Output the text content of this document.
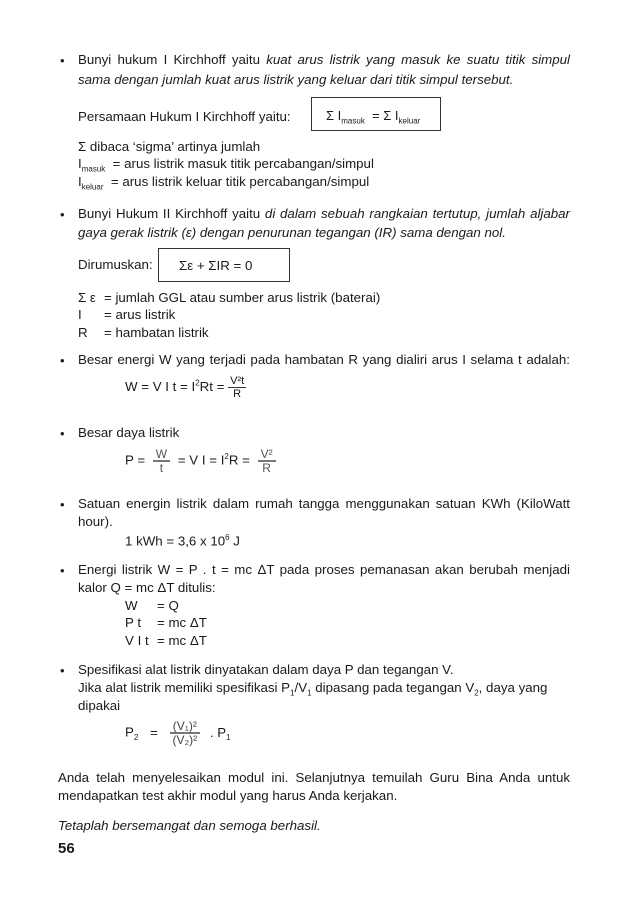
• Bunyi hukum I Kirchhoff yaitu kuat arus listrik yang masuk ke suatu titik simpul
sama dengan jumlah kuat arus listrik yang keluar dari titik simpul tersebut.
Persamaan Hukum I Kirchhoff yaitu:	Σ $I_{masuk} = \Sigma$ $I_{keluar}$
Σ dibaca ‘sigma’ artinya jumlah
$I_{masuk}$ = arus listrik masuk titik percabangan/simpul
$I_{keluar}$ = arus listrik keluar titik percabangan/simpul
• Bunyi Hukum II Kirchhoff yaitu di dalam sebuah rangkaian tertutup, jumlah aljabar
gaya gerak listrik (ε) dengan penurunan tegangan (IR) sama dengan nol.
Dirumuskan: Σε + ΣIR = 0
Σ ε = jumlah GGL atau sumber arus listrik (baterai)
I = arus listrik
R = hambatan listrik
• Besar energi W yang terjadi pada hambatan R yang dialiri arus I selama t adalah:
W = V I $t = I^2Rt = \frac{\text{V²t}}{R}$
• Besar daya listrik
$P = \frac{W}{t} = V$ $I = I^2R = \frac{\text{V²}}{R}$
• Satuan energin listrik dalam rumah tangga menggunakan satuan KWh (KiloWatt
hour).
1 kWh = 3,6 x $10^6$ J
• Energi listrik W = P . t = mc ΔT pada proses pemanasan akan berubah menjadi
kalor Q = mc ΔT ditulis:
W = Q
P t = mc ΔT
V I t = mc ΔT
• Spesifikasi alat listrik dinyatakan dalam daya P dan tegangan V.
Jika alat listrik memiliki spesifikasi $P_1/V_1$ dipasang pada tegangan $V_2$, daya yang
dipakai
$P_2 = \frac{\text{(V₁)²}}{\text{(V₂)²}}$ . $P_1$
Anda telah menyelesaikan modul ini. Selanjutnya temuilah Guru Bina Anda untuk
mendapatkan test akhir modul yang harus Anda kerjakan.
Tetaplah bersemangat dan semoga berhasil.
56
